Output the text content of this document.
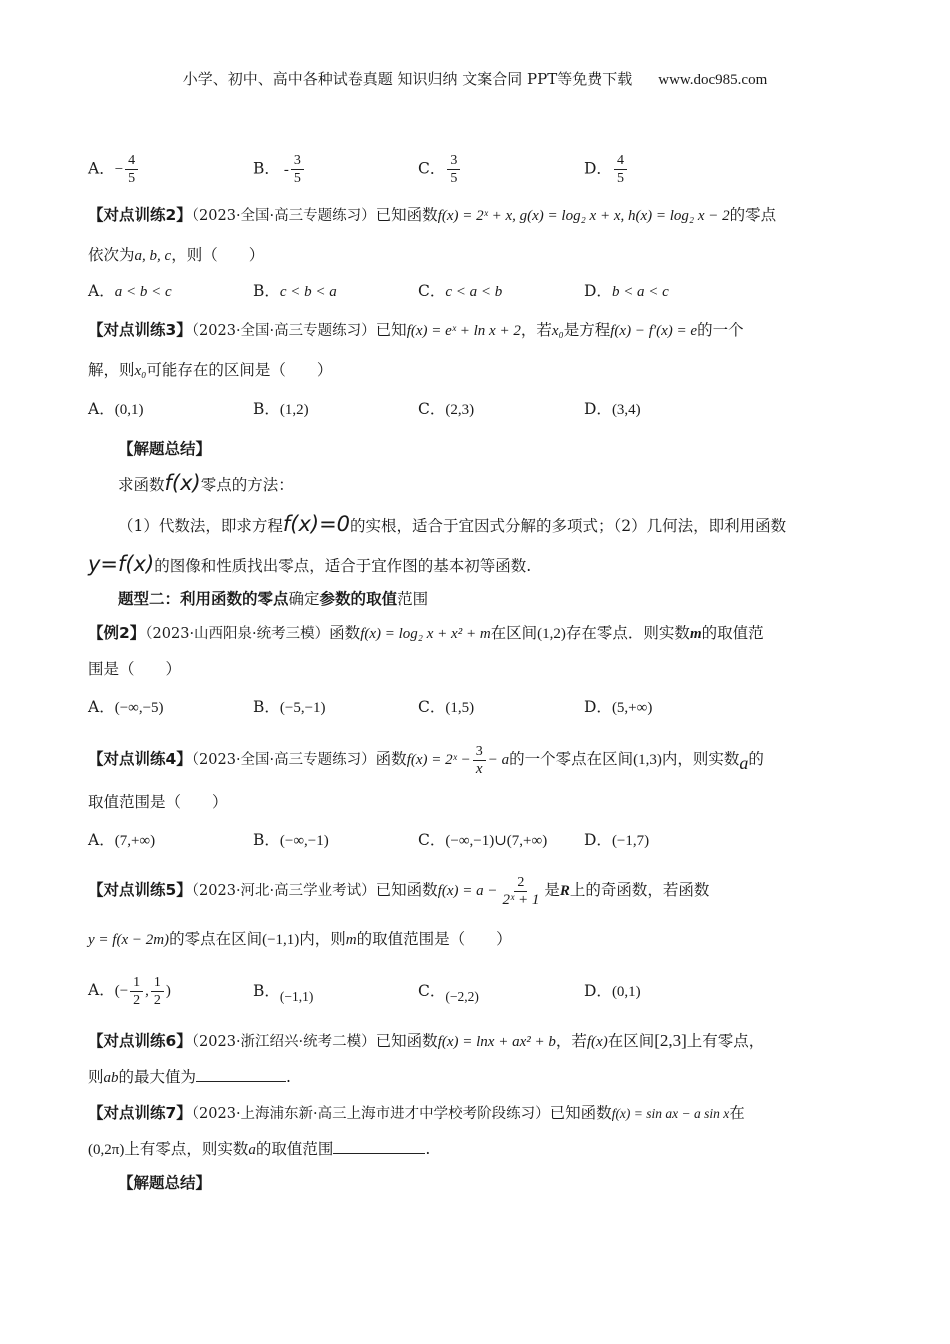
小学、初中、高中各种试卷真题 知识归纳 文案合同 PPT等免费下载 www.doc985.com
A．− $\frac{4}{5}$	B． - $\frac{3}{5}$	C． $\frac{3}{5}$	D． $\frac{4}{5}$
【对点训练2】（2023·全国·高三专题练习）已知函数f(x) = 2ˣ + x, g(x) = log₂ x + x, h(x) = log₂ x − 2的零点
依次为a, b, c，则（　　）
A．a < b < c	B．c < b < a	C．c < a < b	D．b < a < c
【对点训练3】（2023·全国·高三专题练习）已知f(x) = eˣ + ln x + 2，若x₀是方程f(x) − f′(x) = e的一个
解，则x₀可能存在的区间是（　　）
A．(0,1)	B．(1,2)	C．(2,3)	D．(3,4)
【解题总结】
求函数f(x)零点的方法：
（1）代数法，即求方程f(x)=0的实根，适合于宜因式分解的多项式；（2）几何法，即利用函数
y=f(x)的图像和性质找出零点，适合于宜作图的基本初等函数.
题型二：利用函数的零点确定参数的取值范围
【例2】（2023·山西阳泉·统考三模）函数f(x) = log₂ x + x² + m在区间(1,2)存在零点．则实数m的取值范
围是（　　）
A．(−∞,−5)	B．(−5,−1)	C．(1,5)	D．(5,+∞)
【对点训练4】（2023·全国·高三专题练习）函数f(x) = 2ˣ − $\frac{3}{x} - a$的一个零点在区间(1,3)内，则实数a的
取值范围是（　　）
A．(7,+∞)	B．(−∞,−1)	C．(−∞,−1)∪(7,+∞) D．(−1,7)
【对点训练5】（2023·河北·高三学业考试）已知函数$f(x) = a - \frac{2}{\text{2ˣ + 1}}$ 是R上的奇函数，若函数
y = f(x − 2m)的零点在区间(−1,1)内，则m的取值范围是（　　）
A．(− $\frac{1}{2}$ , $\frac{1}{2}$ )	B．(−1,1)	C．(−2,2)	D．(0,1)
【对点训练6】（2023·浙江绍兴·统考二模）已知函数f(x) = lnx + ax² + b，若f(x)在区间[2,3]上有零点，
则ab的最大值为	.
【对点训练7】（2023·上海浦东新·高三上海市进才中学校考阶段练习）已知函数f(x) = sin ax − a sin x在
(0,2π)上有零点，则实数a的取值范围	.
【解题总结】
